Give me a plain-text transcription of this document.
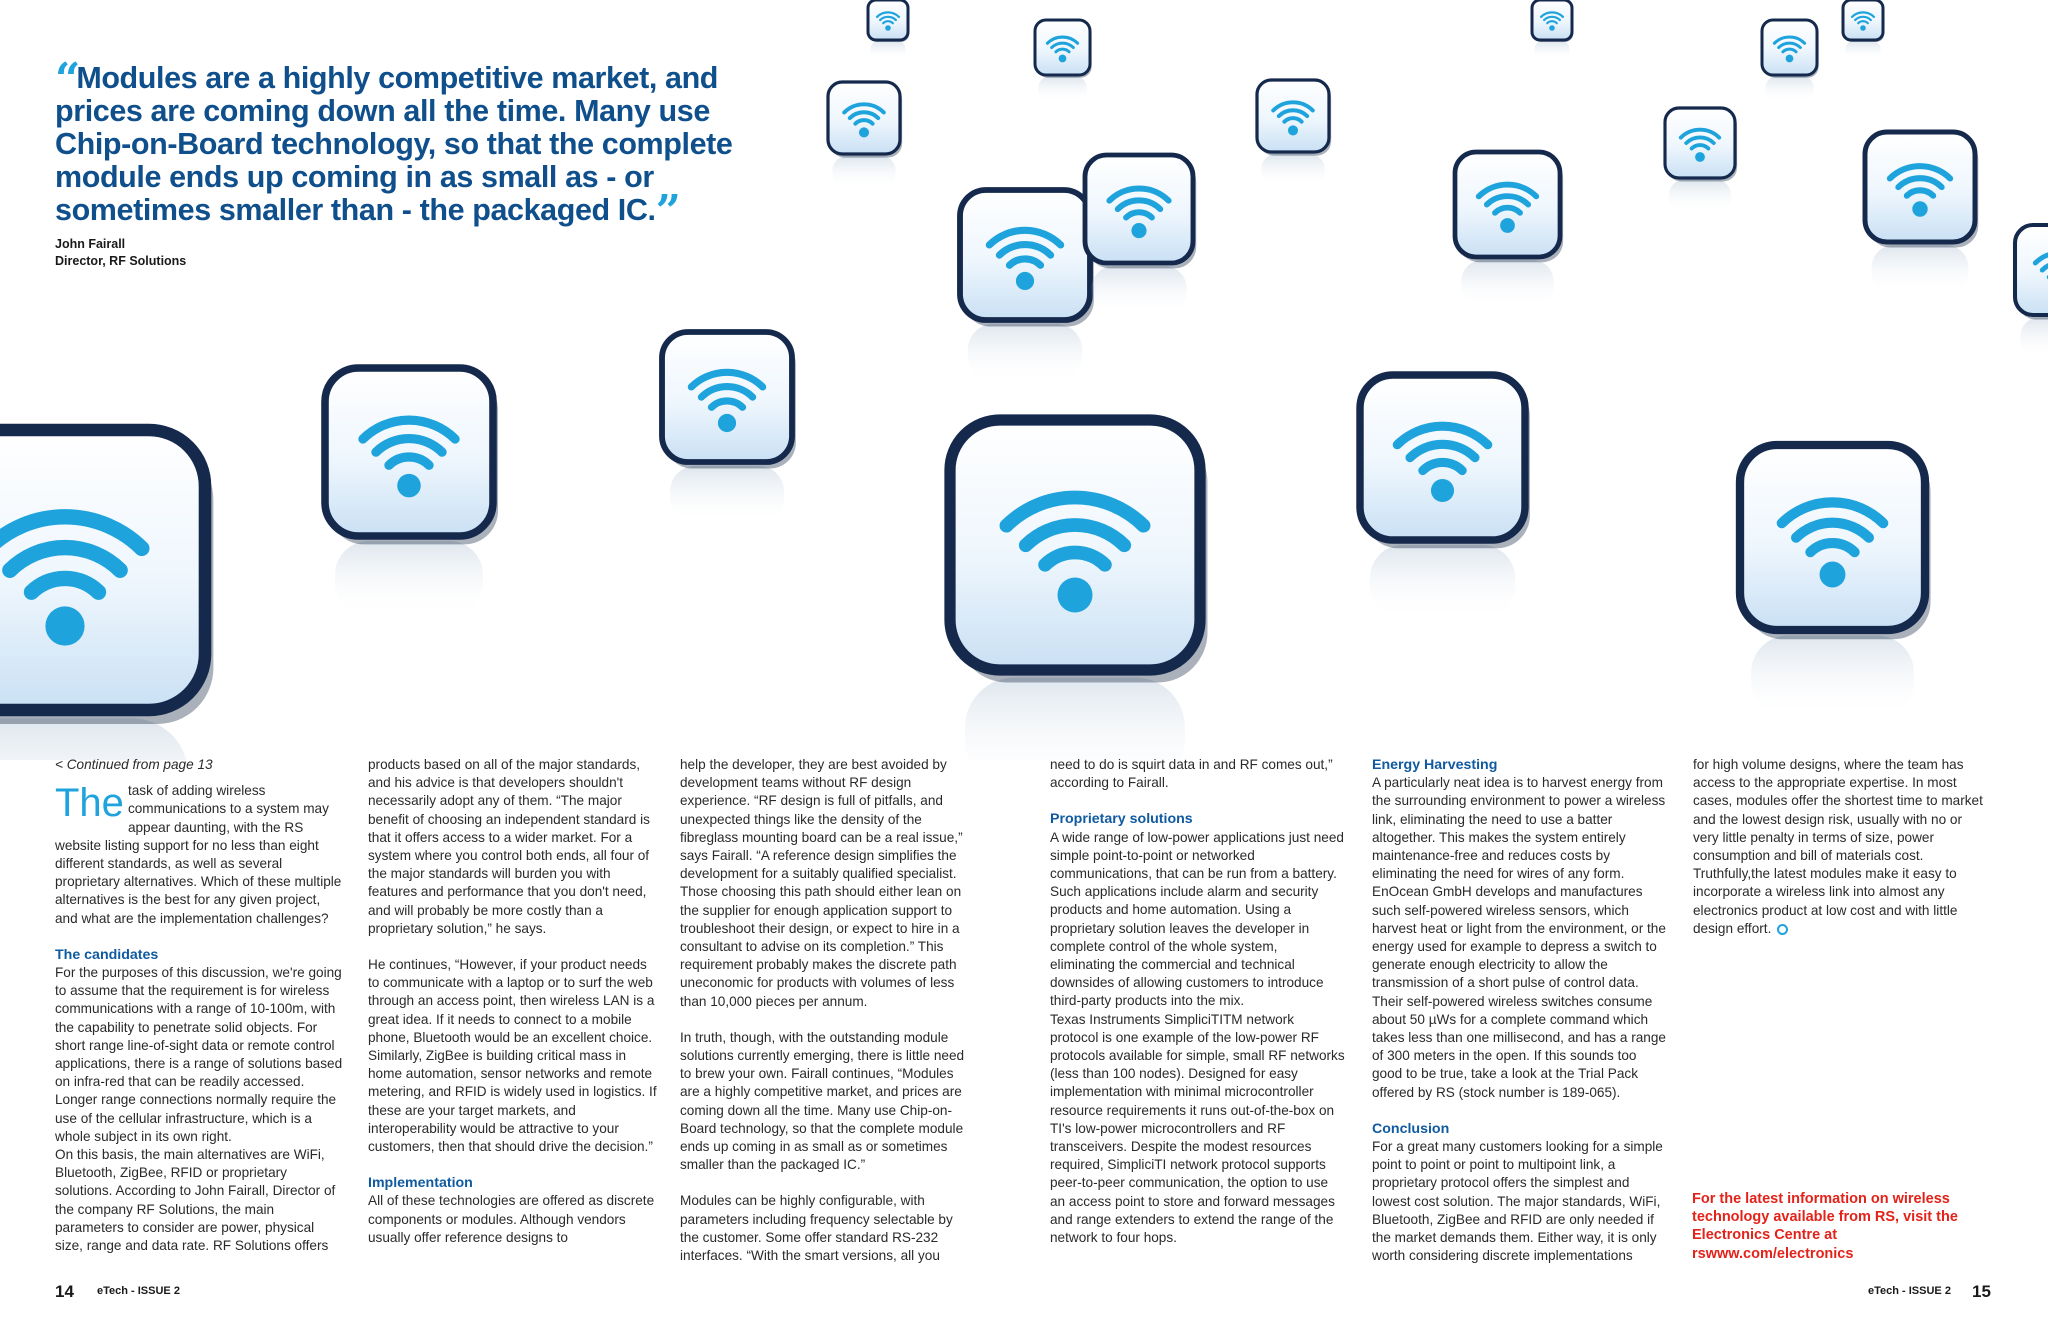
“Modules are a highly competitive market, and prices are coming down all the time. Many use Chip-on-Board technology, so that the complete module ends up coming in as small as - or sometimes smaller than - the packaged IC.”
John Fairall
Director, RF Solutions

< Continued from page 13

The task of adding wireless communications to a system may appear daunting, with the RS website listing support for no less than eight different standards, as well as several proprietary alternatives. Which of these multiple alternatives is the best for any given project, and what are the implementation challenges?

The candidates

For the purposes of this discussion, we're going to assume that the requirement is for wireless communications with a range of 10-100m, with the capability to penetrate solid objects. For short range line-of-sight data or remote control applications, there is a range of solutions based on infra-red that can be readily accessed. Longer range connections normally require the use of the cellular infrastructure, which is a whole subject in its own right.

On this basis, the main alternatives are WiFi, Bluetooth, ZigBee, RFID or proprietary solutions. According to John Fairall, Director of the company RF Solutions, the main parameters to consider are power, physical size, range and data rate. RF Solutions offers

products based on all of the major standards, and his advice is that developers shouldn't necessarily adopt any of them. “The major benefit of choosing an independent standard is that it offers access to a wider market. For a system where you control both ends, all four of the major standards will burden you with features and performance that you don't need, and will probably be more costly than a proprietary solution,” he says.

He continues, “However, if your product needs to communicate with a laptop or to surf the web through an access point, then wireless LAN is a great idea. If it needs to connect to a mobile phone, Bluetooth would be an excellent choice. Similarly, ZigBee is building critical mass in home automation, sensor networks and remote metering, and RFID is widely used in logistics. If these are your target markets, and interoperability would be attractive to your customers, then that should drive the decision.”

Implementation

All of these technologies are offered as discrete components or modules. Although vendors usually offer reference designs to

help the developer, they are best avoided by development teams without RF design experience. “RF design is full of pitfalls, and unexpected things like the density of the fibreglass mounting board can be a real issue,” says Fairall. “A reference design simplifies the development for a suitably qualified specialist. Those choosing this path should either lean on the supplier for enough application support to troubleshoot their design, or expect to hire in a consultant to advise on its completion.” This requirement probably makes the discrete path uneconomic for products with volumes of less than 10,000 pieces per annum.

In truth, though, with the outstanding module solutions currently emerging, there is little need to brew your own. Fairall continues, “Modules are a highly competitive market, and prices are coming down all the time. Many use Chip-on-Board technology, so that the complete module ends up coming in as small as or sometimes smaller than the packaged IC.”

Modules can be highly configurable, with parameters including frequency selectable by the customer. Some offer standard RS-232 interfaces. “With the smart versions, all you

need to do is squirt data in and RF comes out,” according to Fairall.

Proprietary solutions

A wide range of low-power applications just need simple point-to-point or networked communications, that can be run from a battery. Such applications include alarm and security products and home automation. Using a proprietary solution leaves the developer in complete control of the whole system, eliminating the commercial and technical downsides of allowing customers to introduce third-party products into the mix.

Texas Instruments SimpliciTITM network protocol is one example of the low-power RF protocols available for simple, small RF networks (less than 100 nodes). Designed for easy implementation with minimal microcontroller resource requirements it runs out-of-the-box on TI's low-power microcontrollers and RF transceivers. Despite the modest resources required, SimpliciTI network protocol supports peer-to-peer communication, the option to use an access point to store and forward messages and range extenders to extend the range of the network to four hops.

Energy Harvesting

A particularly neat idea is to harvest energy from the surrounding environment to power a wireless link, eliminating the need to use a batter altogether. This makes the system entirely maintenance-free and reduces costs by eliminating the need for wires of any form. EnOcean GmbH develops and manufactures such self-powered wireless sensors, which harvest heat or light from the environment, or the energy used for example to depress a switch to generate enough electricity to allow the transmission of a short pulse of control data. Their self-powered wireless switches consume about 50 µWs for a complete command which takes less than one millisecond, and has a range of 300 meters in the open. If this sounds too good to be true, take a look at the Trial Pack offered by RS (stock number is 189-065).

Conclusion

For a great many customers looking for a simple point to point or point to multipoint link, a proprietary protocol offers the simplest and lowest cost solution. The major standards, WiFi, Bluetooth, ZigBee and RFID are only needed if the market demands them. Either way, it is only worth considering discrete implementations

for high volume designs, where the team has access to the appropriate expertise. In most cases, modules offer the shortest time to market and the lowest design risk, usually with no or very little penalty in terms of size, power consumption and bill of materials cost. Truthfully,the latest modules make it easy to incorporate a wireless link into almost any electronics product at low cost and with little design effort.

For the latest information on wireless technology available from RS, visit the Electronics Centre at rswww.com/electronics
14 eTech - ISSUE 2	eTech - ISSUE 2 15
